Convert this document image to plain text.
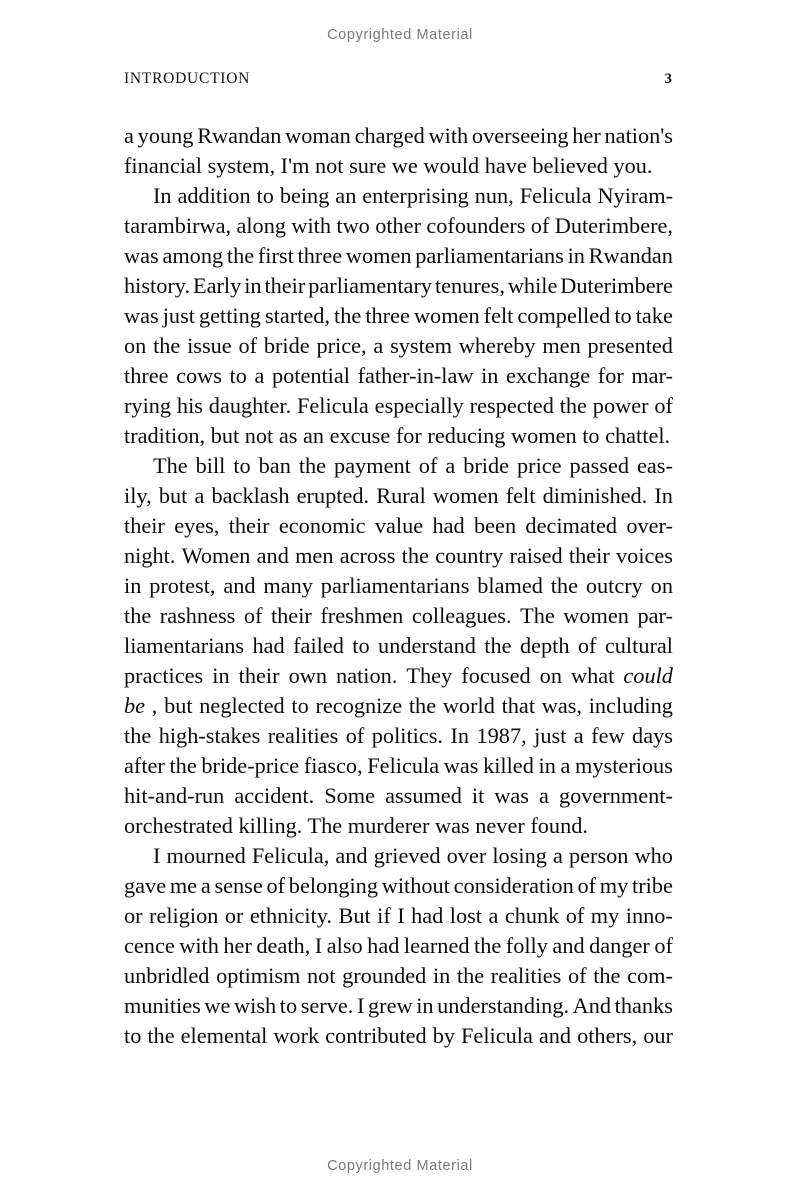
Copyrighted Material
INTRODUCTION	3

a young Rwandan woman charged with overseeing her nation's
financial system, I'm not sure we would have believed you.

In addition to being an enterprising nun, Felicula Nyiram-
tarambirwa, along with two other cofounders of Duterimbere,
was among the first three women parliamentarians in Rwandan
history. Early in their parliamentary tenures, while Duterimbere
was just getting started, the three women felt compelled to take
on the issue of bride price, a system whereby men presented
three cows to a potential father-in-law in exchange for mar-
rying his daughter. Felicula especially respected the power of
tradition, but not as an excuse for reducing women to chattel.

The bill to ban the payment of a bride price passed eas-
ily, but a backlash erupted. Rural women felt diminished. In
their eyes, their economic value had been decimated over-
night. Women and men across the country raised their voices
in protest, and many parliamentarians blamed the outcry on
the rashness of their freshmen colleagues. The women par-
liamentarians had failed to understand the depth of cultural
practices in their own nation. They focused on what could
be , but neglected to recognize the world that was, including
the high-stakes realities of politics. In 1987, just a few days
after the bride-price fiasco, Felicula was killed in a mysterious
hit-and-run accident. Some assumed it was a government-
orchestrated killing. The murderer was never found.

I mourned Felicula, and grieved over losing a person who
gave me a sense of belonging without consideration of my tribe
or religion or ethnicity. But if I had lost a chunk of my inno-
cence with her death, I also had learned the folly and danger of
unbridled optimism not grounded in the realities of the com-
munities we wish to serve. I grew in understanding. And thanks
to the elemental work contributed by Felicula and others, our

Copyrighted Material
